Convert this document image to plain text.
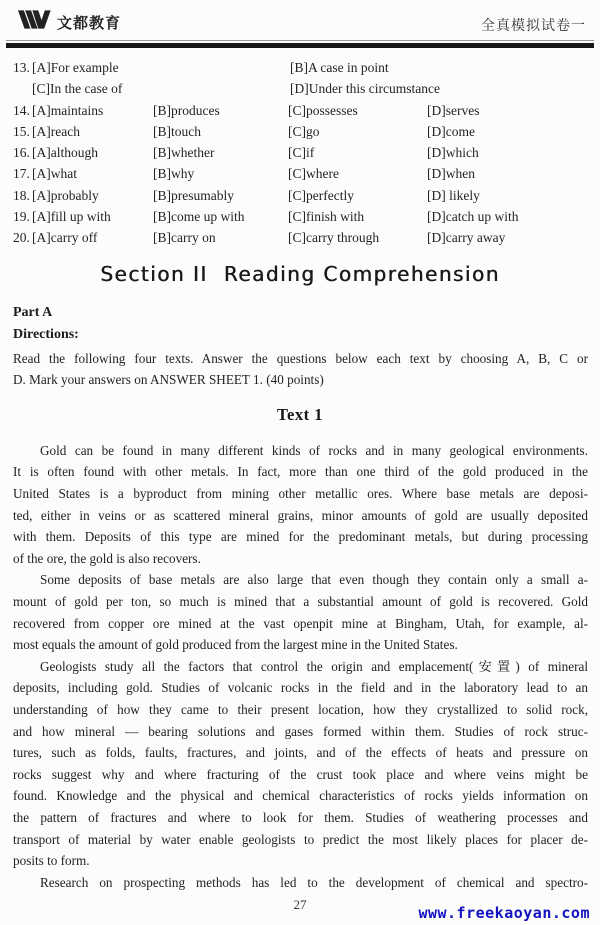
文都教育	全真模拟试卷一
13. [A]For example	[B]A case in point
[C]In the case of	[D]Under this circumstance
14. [A]maintains	[B]produces	[C]possesses	[D]serves
15. [A]reach	[B]touch	[C]go	[D]come
16. [A]although	[B]whether	[C]if	[D]which
17. [A]what	[B]why	[C]where	[D]when
18. [A]probably	[B]presumably	[C]perfectly	[D] likely
19. [A]fill up with	[B]come up with	[C]finish with	[D]catch up with
20. [A]carry off	[B]carry on	[C]carry through	[D]carry away
Section II Reading Comprehension
Part A
Directions:
Read the following four texts. Answer the questions below each text by choosing A, B, C or
D. Mark your answers on ANSWER SHEET 1. (40 points)
Text 1
Gold can be found in many different kinds of rocks and in many geological environments.
It is often found with other metals. In fact, more than one third of the gold produced in the
United States is a byproduct from mining other metallic ores. Where base metals are deposi-
ted, either in veins or as scattered mineral grains, minor amounts of gold are usually deposited
with them. Deposits of this type are mined for the predominant metals, but during processing
of the ore, the gold is also recovers.
Some deposits of base metals are also large that even though they contain only a small a-
mount of gold per ton, so much is mined that a substantial amount of gold is recovered. Gold
recovered from copper ore mined at the vast openpit mine at Bingham, Utah, for example, al-
most equals the amount of gold produced from the largest mine in the United States.
Geologists study all the factors that control the origin and emplacement(安置) of mineral
deposits, including gold. Studies of volcanic rocks in the field and in the laboratory lead to an
understanding of how they came to their present location, how they crystallized to solid rock,
and how mineral — bearing solutions and gases formed within them. Studies of rock struc-
tures, such as folds, faults, fractures, and joints, and of the effects of heats and pressure on
rocks suggest why and where fracturing of the crust took place and where veins might be
found. Knowledge and the physical and chemical characteristics of rocks yields information on
the pattern of fractures and where to look for them. Studies of weathering processes and
transport of material by water enable geologists to predict the most likely places for placer de-
posits to form.
Research on prospecting methods has led to the development of chemical and spectro-
27	www.freekaoyan.com
